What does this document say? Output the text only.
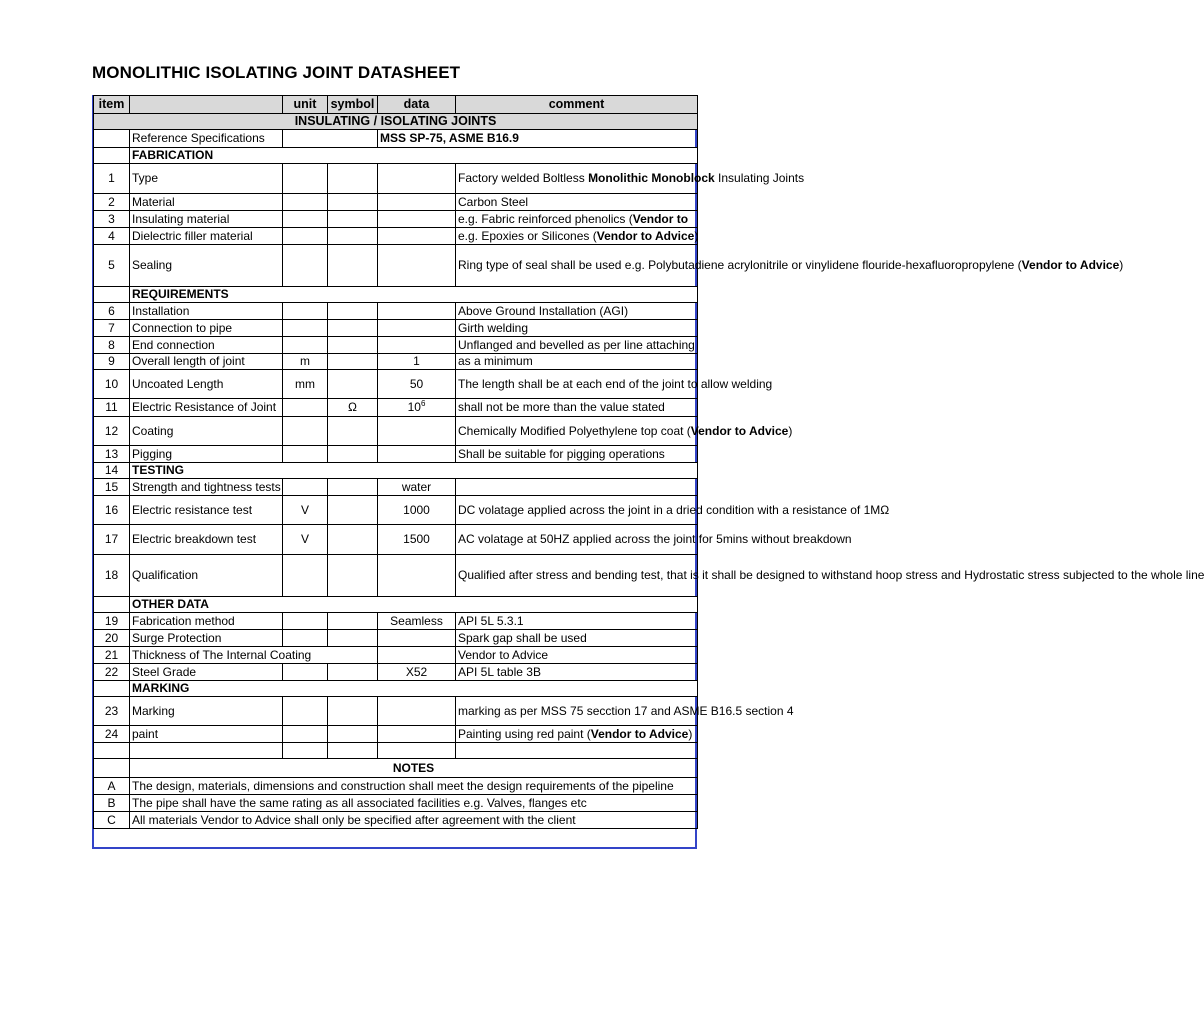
MONOLITHIC ISOLATING JOINT DATASHEET
item		unit	symbol	data	comment
INSULATING / ISOLATING JOINTS					
	Reference Specifications			MSS SP-75, ASME B16.9	
	FABRICATION				
1	Type				Factory welded Boltless Monolithic Monoblock Insulating Joints
2	Material				Carbon Steel
3	Insulating material				e.g. Fabric reinforced phenolics (Vendor to
4	Dielectric filler material				e.g. Epoxies or Silicones (Vendor to Advice)
5	Sealing				Ring type of seal shall be used e.g. Polybutadiene acrylonitrile or vinylidene flouride-hexafluoropropylene (Vendor to Advice)
	REQUIREMENTS				
6	Installation				Above Ground Installation (AGI)
7	Connection to pipe				Girth welding
8	End connection				Unflanged and bevelled as per line attaching
9	Overall length of joint	m		1	as a minimum
10	Uncoated Length	mm		50	The length shall be at each end of the joint to allow welding
11	Electric Resistance of Joint		Ω	$10^6$	shall not be more than the value stated
12	Coating				Chemically Modified Polyethylene top coat (Vendor to Advice)
13	Pigging				Shall be suitable for pigging operations
14	TESTING				
15	Strength and tightness tests			water	
16	Electric resistance test	V		1000	DC volatage applied across the joint in a dried condition with a resistance of 1MΩ
17	Electric breakdown test	V		1500	AC volatage at 50HZ applied across the joint for 5mins without breakdown
18	Qualification				Qualified after stress and bending test, that is it shall be designed to withstand hoop stress and Hydrostatic stress subjected to the whole line
	OTHER DATA				
19	Fabrication method			Seamless	API 5L 5.3.1
20	Surge Protection				Spark gap shall be used
21	Thickness of The Internal Coating				Vendor to Advice
22	Steel Grade			X52	API 5L table 3B
	MARKING				
23	Marking				marking as per MSS 75 secction 17 and ASME B16.5 section 4
24	paint				Painting using red paint (Vendor to Advice)

	NOTES				
A	The design, materials, dimensions and construction shall meet the design requirements of the pipeline				
B	The pipe shall have the same rating as all associated facilities e.g. Valves, flanges etc				
C	All materials Vendor to Advice shall only be specified after agreement with the client				
